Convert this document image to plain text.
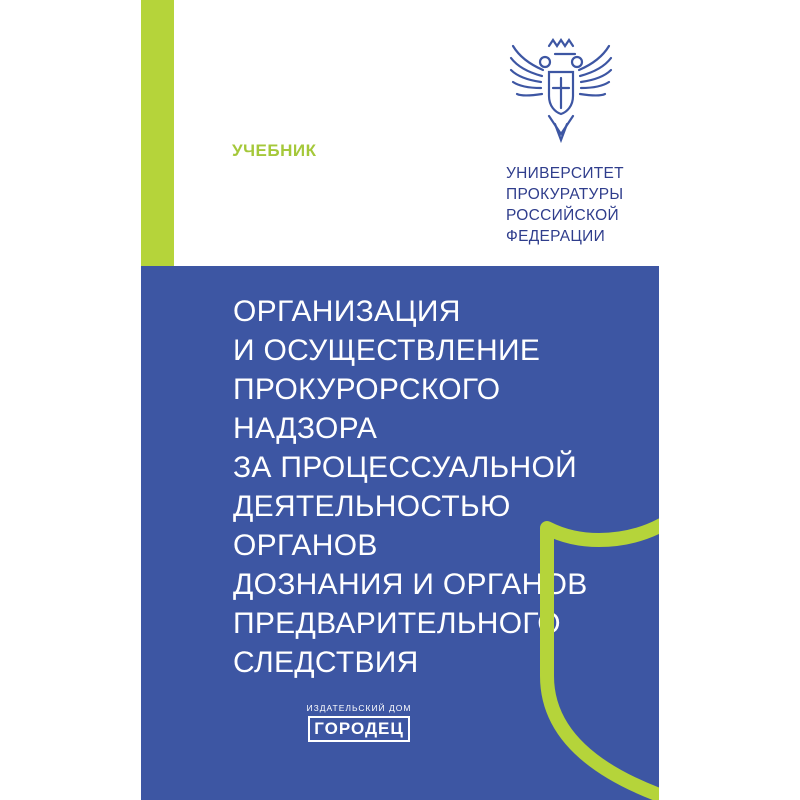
УЧЕБНИК
УНИВЕРСИТЕТ
ПРОКУРАТУРЫ
РОССИЙСКОЙ
ФЕДЕРАЦИИ
ОРГАНИЗАЦИЯ
И ОСУЩЕСТВЛЕНИЕ
ПРОКУРОРСКОГО НАДЗОРА
ЗА ПРОЦЕССУАЛЬНОЙ
ДЕЯТЕЛЬНОСТЬЮ ОРГАНОВ
ДОЗНАНИЯ И ОРГАНОВ
ПРЕДВАРИТЕЛЬНОГО
СЛЕДСТВИЯ
ИЗДАТЕЛЬСКИЙ ДОМ
ГОРОДЕЦ
